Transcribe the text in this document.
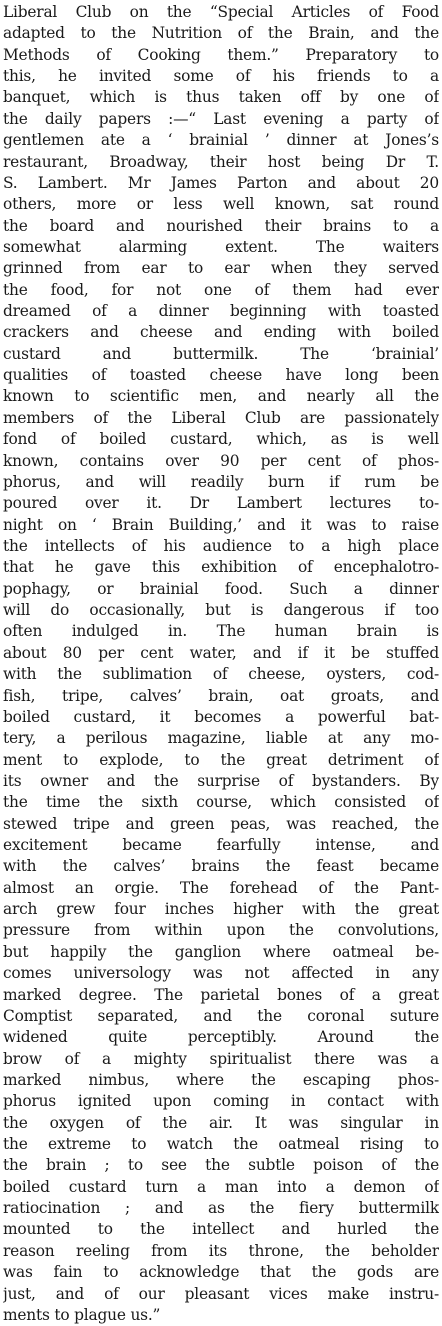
Liberal Club on the “Special Articles of Food
adapted to the Nutrition of the Brain, and the
Methods of Cooking them.” Preparatory to
this, he invited some of his friends to a
banquet, which is thus taken off by one of
the daily papers :—“ Last evening a party of
gentlemen ate a ‘ brainial ’ dinner at Jones’s
restaurant, Broadway, their host being Dr T.
S. Lambert. Mr James Parton and about 20
others, more or less well known, sat round
the board and nourished their brains to a
somewhat alarming extent. The waiters
grinned from ear to ear when they served
the food, for not one of them had ever
dreamed of a dinner beginning with toasted
crackers and cheese and ending with boiled
custard and buttermilk. The ‘brainial’
qualities of toasted cheese have long been
known to scientific men, and nearly all the
members of the Liberal Club are passionately
fond of boiled custard, which, as is well
known, contains over 90 per cent of phos-
phorus, and will readily burn if rum be
poured over it. Dr Lambert lectures to-
night on ‘ Brain Building,’ and it was to raise
the intellects of his audience to a high place
that he gave this exhibition of encephalotro-
pophagy, or brainial food. Such a dinner
will do occasionally, but is dangerous if too
often indulged in. The human brain is
about 80 per cent water, and if it be stuffed
with the sublimation of cheese, oysters, cod-
fish, tripe, calves’ brain, oat groats, and
boiled custard, it becomes a powerful bat-
tery, a perilous magazine, liable at any mo-
ment to explode, to the great detriment of
its owner and the surprise of bystanders. By
the time the sixth course, which consisted of
stewed tripe and green peas, was reached, the
excitement became fearfully intense, and
with the calves’ brains the feast became
almost an orgie. The forehead of the Pant-
arch grew four inches higher with the great
pressure from within upon the convolutions,
but happily the ganglion where oatmeal be-
comes universology was not affected in any
marked degree. The parietal bones of a great
Comptist separated, and the coronal suture
widened quite perceptibly. Around the
brow of a mighty spiritualist there was a
marked nimbus, where the escaping phos-
phorus ignited upon coming in contact with
the oxygen of the air. It was singular in
the extreme to watch the oatmeal rising to
the brain ; to see the subtle poison of the
boiled custard turn a man into a demon of
ratiocination ; and as the fiery buttermilk
mounted to the intellect and hurled the
reason reeling from its throne, the beholder
was fain to acknowledge that the gods are
just, and of our pleasant vices make instru-
ments to plague us.”
